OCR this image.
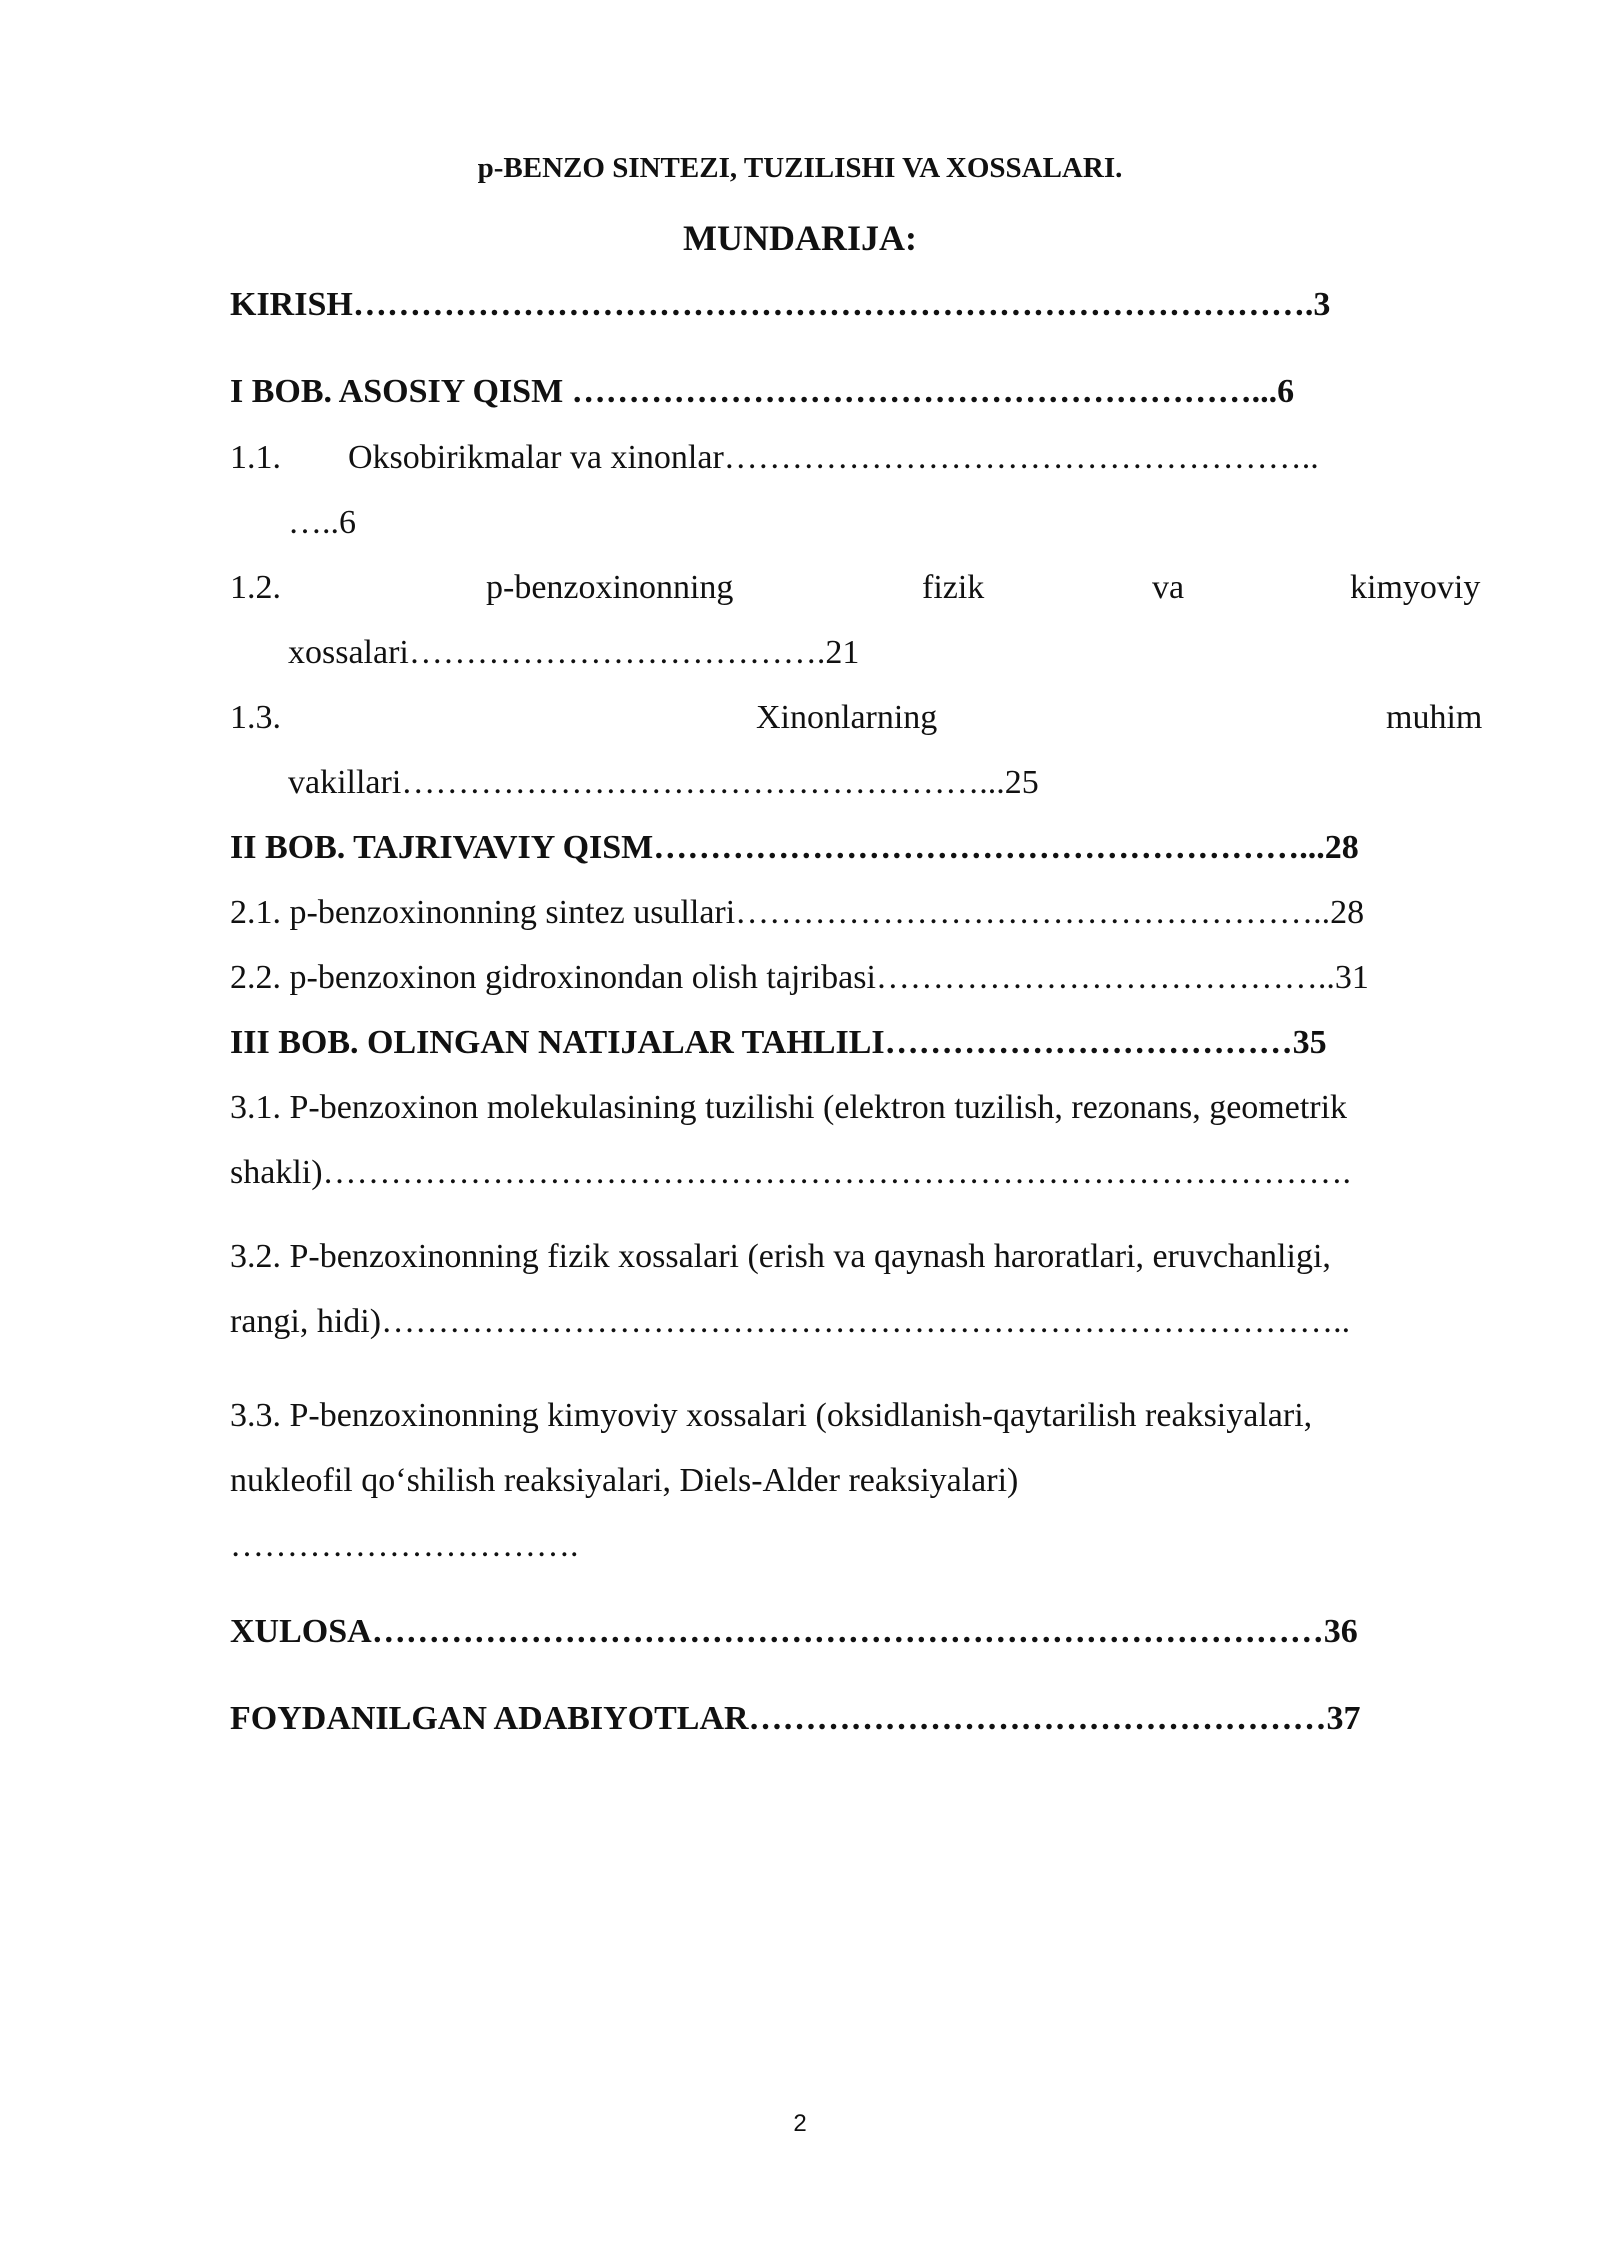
p-BENZO SINTEZI, TUZILISHI VA XOSSALARI.
MUNDARIJA:
KIRISH………………………………………………………………………….3
I BOB. ASOSIY QISM ……………………………………………………...6
1.1. Oksobirikmalar va xinonlar……………………………………………..
…..6
1.2.	p-benzoxinonning	fizik	va	kimyoviy
xossalari……………………………….21
1.3.	Xinonlarning	muhim
vakillari……………………………………………...25
II BOB. TAJRIVAVIY QISM…………………………………………………...28
2.1. p-benzoxinonning sintez usullari……………………………………………..28
2.2. p-benzoxinon gidroxinondan olish tajribasi…………………………………..31
III BOB. OLINGAN NATIJALAR TAHLILI………………………………35
3.1. P-benzoxinon molekulasining tuzilishi (elektron tuzilish, rezonans, geometrik
shakli)……………………………………………………………………………….
3.2. P-benzoxinonning fizik xossalari (erish va qaynash haroratlari, eruvchanligi,
rangi, hidi)…………………………………………………………………………..
3.3. P-benzoxinonning kimyoviy xossalari (oksidlanish-qaytarilish reaksiyalari,
nukleofil qo‘shilish reaksiyalari, Diels-Alder reaksiyalari)
………………………….
XULOSA…………………………………………………………………………36
FOYDANILGAN ADABIYOTLAR……………………………………………37
2
